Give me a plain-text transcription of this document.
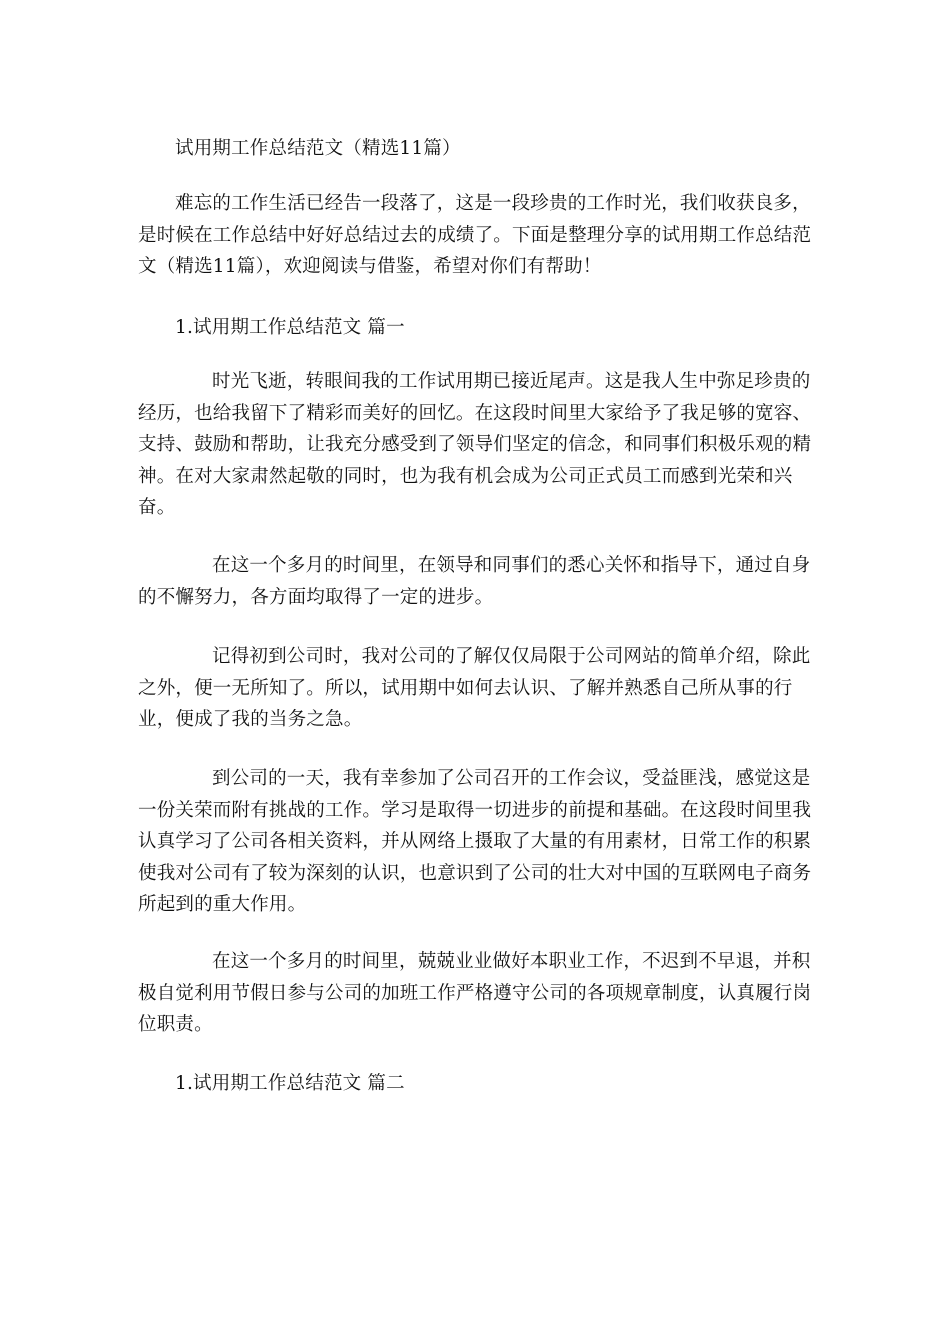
试用期工作总结范文（精选11篇）

难忘的工作生活已经告一段落了，这是一段珍贵的工作时光，我们收获良多，是时候在工作总结中好好总结过去的成绩了。下面是整理分享的试用期工作总结范文（精选11篇），欢迎阅读与借鉴，希望对你们有帮助！

1.试用期工作总结范文 篇一

时光飞逝，转眼间我的工作试用期已接近尾声。这是我人生中弥足珍贵的经历，也给我留下了精彩而美好的回忆。在这段时间里大家给予了我足够的宽容、支持、鼓励和帮助，让我充分感受到了领导们坚定的信念，和同事们积极乐观的精神。在对大家肃然起敬的同时，也为我有机会成为公司正式员工而感到光荣和兴奋。

在这一个多月的时间里，在领导和同事们的悉心关怀和指导下，通过自身的不懈努力，各方面均取得了一定的进步。

记得初到公司时，我对公司的了解仅仅局限于公司网站的简单介绍，除此之外，便一无所知了。所以，试用期中如何去认识、了解并熟悉自己所从事的行业，便成了我的当务之急。

到公司的一天，我有幸参加了公司召开的工作会议，受益匪浅，感觉这是一份关荣而附有挑战的工作。学习是取得一切进步的前提和基础。在这段时间里我认真学习了公司各相关资料，并从网络上摄取了大量的有用素材，日常工作的积累使我对公司有了较为深刻的认识，也意识到了公司的壮大对中国的互联网电子商务所起到的重大作用。

在这一个多月的时间里，兢兢业业做好本职业工作，不迟到不早退，并积极自觉利用节假日参与公司的加班工作严格遵守公司的各项规章制度，认真履行岗位职责。

1.试用期工作总结范文 篇二
